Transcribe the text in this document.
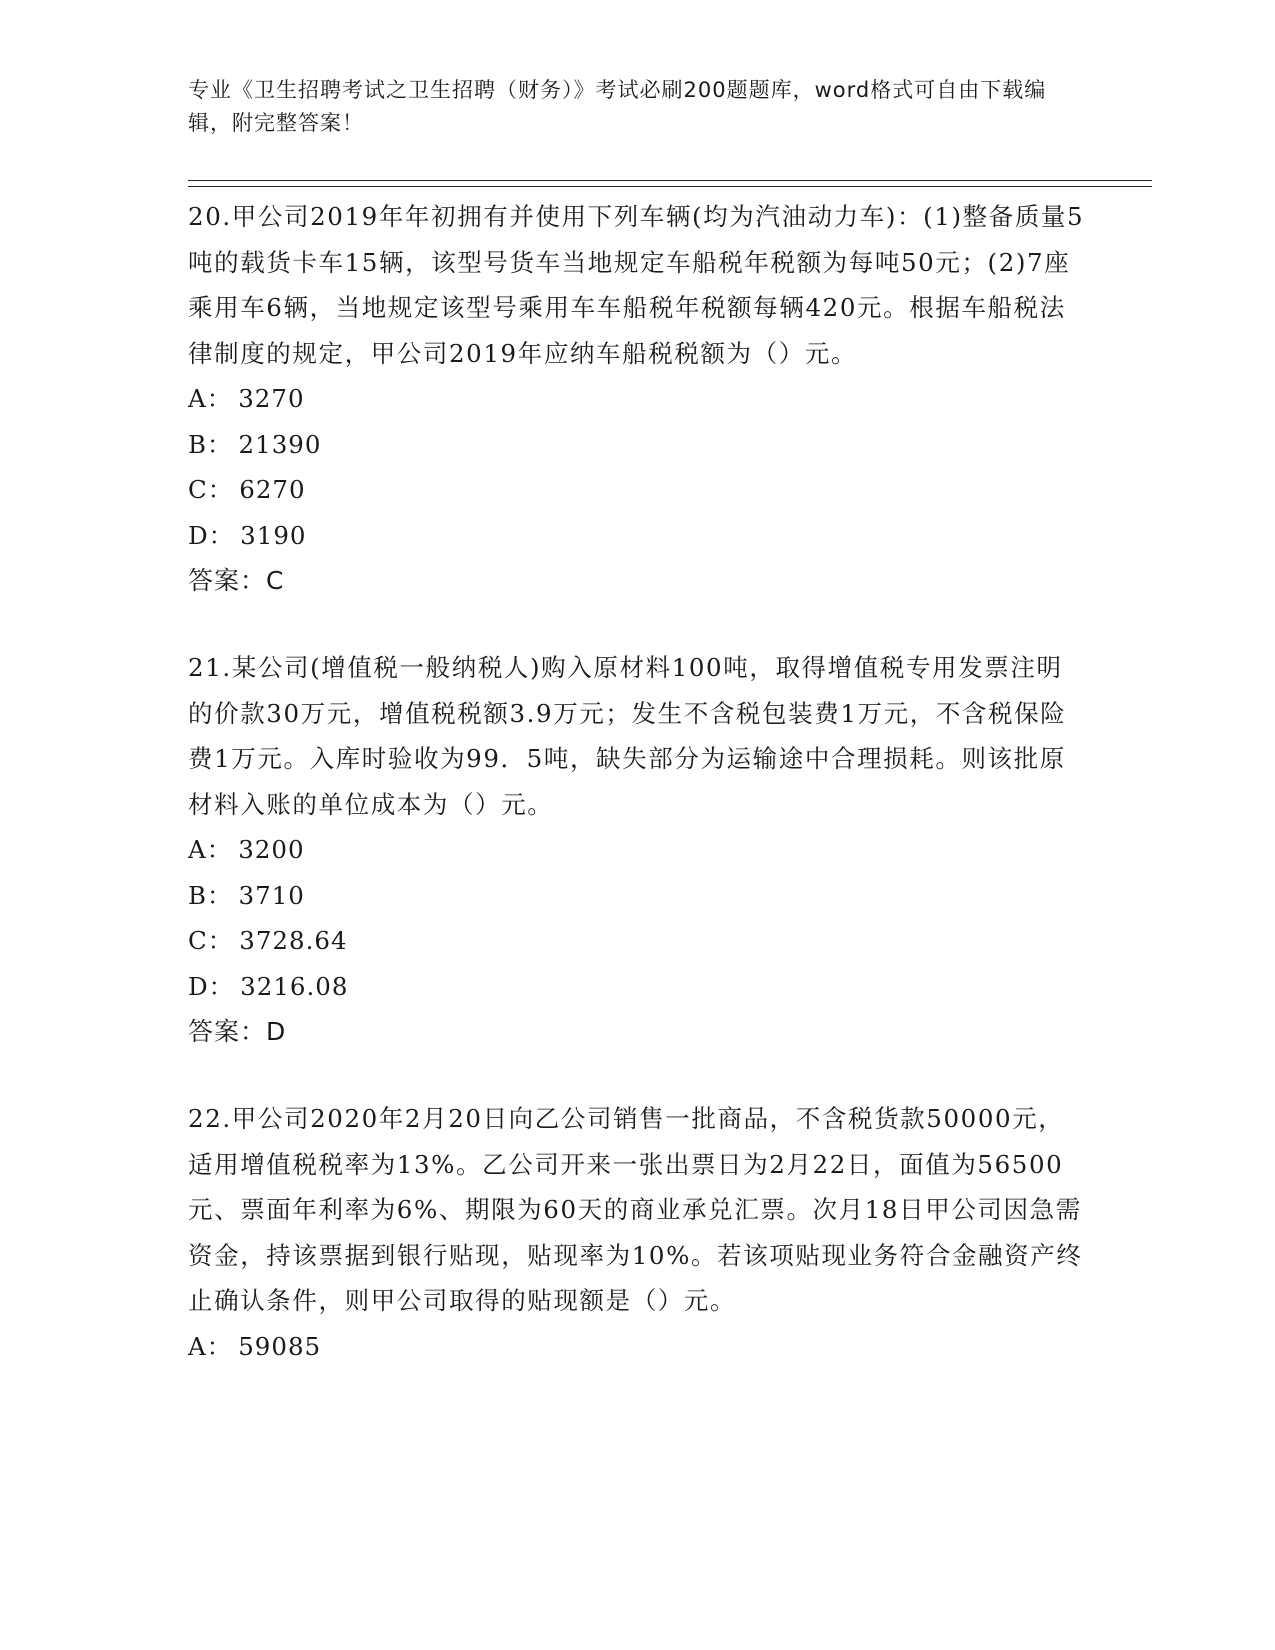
专业《卫生招聘考试之卫生招聘（财务）》考试必刷200题题库，word格式可自由下载编辑，附完整答案！

20.甲公司2019年年初拥有并使用下列车辆(均为汽油动力车)：(1)整备质量5吨的载货卡车15辆，该型号货车当地规定车船税年税额为每吨50元；(2)7座乘用车6辆，当地规定该型号乘用车车船税年税额每辆420元。根据车船税法律制度的规定，甲公司2019年应纳车船税税额为（）元。

A： 3270

B： 21390

C： 6270

D： 3190

答案：C

21.某公司(增值税一般纳税人)购入原材料100吨，取得增值税专用发票注明的价款30万元，增值税税额3.9万元；发生不含税包装费1万元，不含税保险费1万元。入库时验收为99．5吨，缺失部分为运输途中合理损耗。则该批原材料入账的单位成本为（）元。

A： 3200

B： 3710

C： 3728.64

D： 3216.08

答案：D

22.甲公司2020年2月20日向乙公司销售一批商品，不含税货款50000元，适用增值税税率为13%。乙公司开来一张出票日为2月22日，面值为56500元、票面年利率为6%、期限为60天的商业承兑汇票。次月18日甲公司因急需资金，持该票据到银行贴现，贴现率为10%。若该项贴现业务符合金融资产终止确认条件，则甲公司取得的贴现额是（）元。

A： 59085
